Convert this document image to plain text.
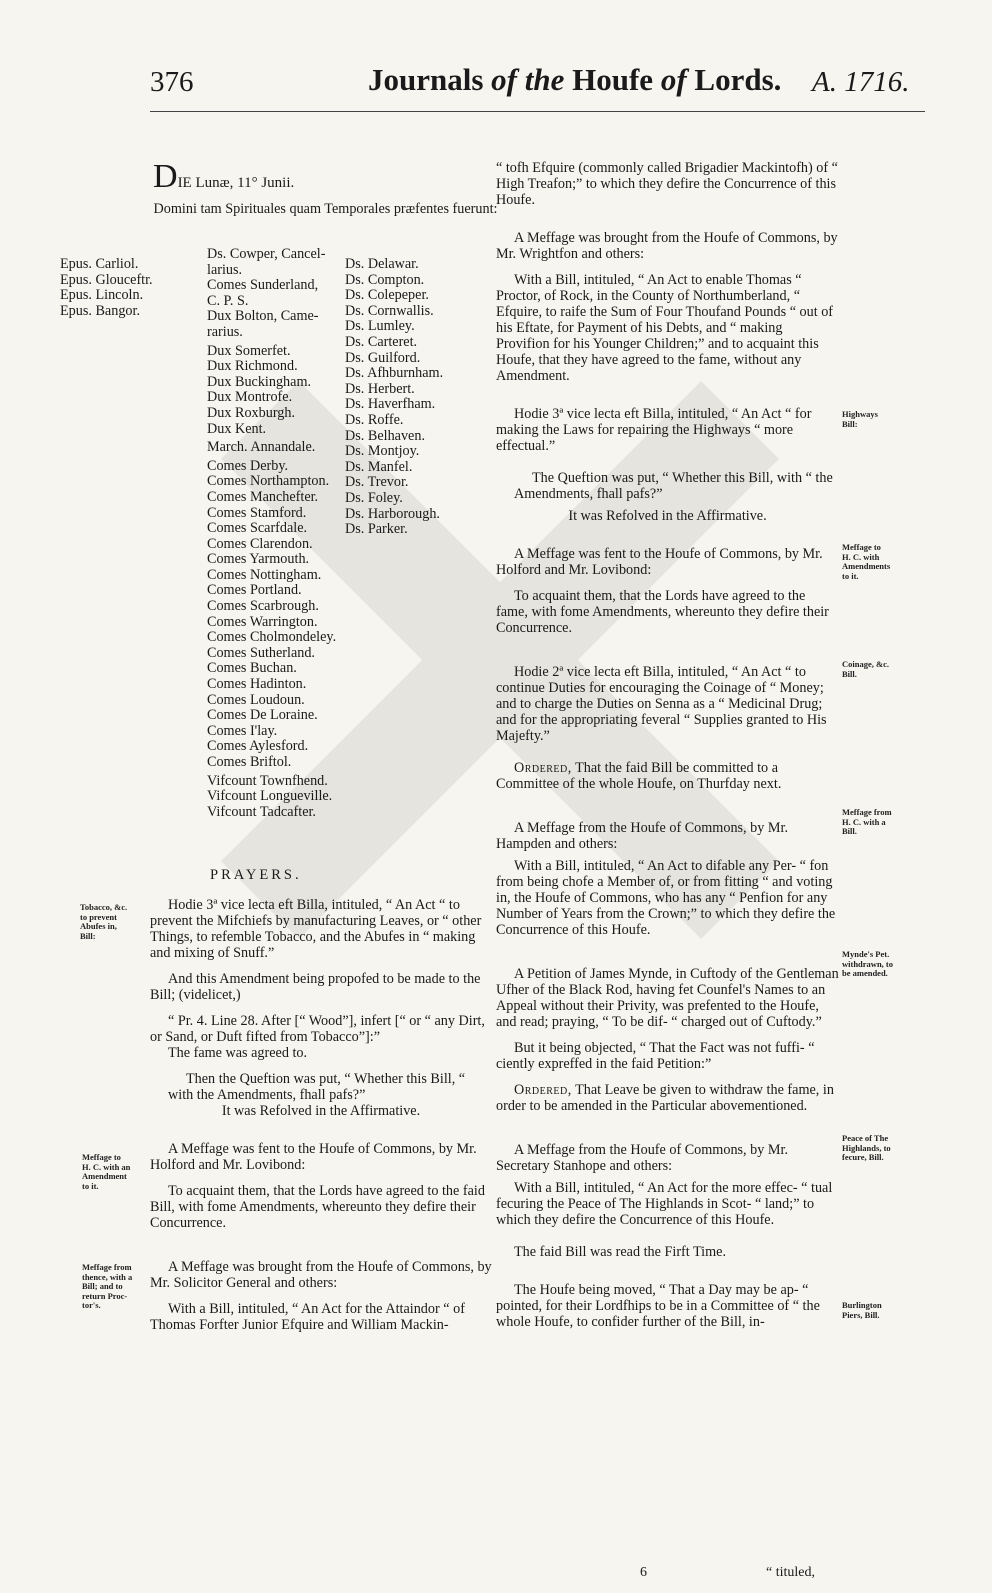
376	Journals of the Houfe of Lords. A. 1716.
DIE Lunæ, 11° Junii.
Domini tam Spirituales quam Temporales præfentes fuerunt:
Epus. Carliol.
Epus. Glouceftr.
Epus. Lincoln.
Epus. Bangor.
Ds. Cowper, Cancel-
larius.
Comes Sunderland,
C. P. S.
Dux Bolton, Came-
rarius.

Dux Somerfet.
Dux Richmond.
Dux Buckingham.
Dux Montrofe.
Dux Roxburgh.
Dux Kent.

March. Annandale.

Comes Derby.
Comes Northampton.
Comes Manchefter.
Comes Stamford.
Comes Scarfdale.
Comes Clarendon.
Comes Yarmouth.
Comes Nottingham.
Comes Portland.
Comes Scarbrough.
Comes Warrington.
Comes Cholmondeley.
Comes Sutherland.
Comes Buchan.
Comes Hadinton.
Comes Loudoun.
Comes De Loraine.
Comes I'lay.
Comes Aylesford.
Comes Briftol.

Vifcount Townfhend.
Vifcount Longueville.
Vifcount Tadcafter.
Ds. Delawar.
Ds. Compton.
Ds. Colepeper.
Ds. Cornwallis.
Ds. Lumley.
Ds. Carteret.
Ds. Guilford.
Ds. Afhburnham.
Ds. Herbert.
Ds. Haverfham.
Ds. Roffe.
Ds. Belhaven.
Ds. Montjoy.
Ds. Manfel.
Ds. Trevor.
Ds. Foley.
Ds. Harborough.
Ds. Parker.
PRAYERS.

Hodie 3ª vice lecta eft Billa, intituled, “ An Act “ to prevent the Mifchiefs by manufacturing Leaves, or “ other Things, to refemble Tobacco, and the Abufes in “ making and mixing of Snuff.”

And this Amendment being propofed to be made to the Bill; (videlicet,)

“ Pr. 4. Line 28. After [“ Wood”], infert [“ or “ any Dirt, or Sand, or Duft fifted from Tobacco”]:”

The fame was agreed to.

Then the Queftion was put, “ Whether this Bill, “ with the Amendments, fhall pafs?”

It was Refolved in the Affirmative.

A Meffage was fent to the Houfe of Commons, by Mr. Holford and Mr. Lovibond:

To acquaint them, that the Lords have agreed to the faid Bill, with fome Amendments, whereunto they defire their Concurrence.

A Meffage was brought from the Houfe of Commons, by Mr. Solicitor General and others:

With a Bill, intituled, “ An Act for the Attaindor “ of Thomas Forfter Junior Efquire and William Mackin-

Tobacco, &c.
to prevent
Abufes in,
Bill:
Meffage to
H. C. with an
Amendment
to it.
Meffage from
thence, with a
Bill; and to
return Proc-
tor's.

“ tofh Efquire (commonly called Brigadier Mackintofh) of “ High Treafon;” to which they defire the Concurrence of this Houfe.

A Meffage was brought from the Houfe of Commons, by Mr. Wrightfon and others:

With a Bill, intituled, “ An Act to enable Thomas “ Proctor, of Rock, in the County of Northumberland, “ Efquire, to raife the Sum of Four Thoufand Pounds “ out of his Eftate, for Payment of his Debts, and “ making Provifion for his Younger Children;” and to acquaint this Houfe, that they have agreed to the fame, without any Amendment.

Hodie 3ª vice lecta eft Billa, intituled, “ An Act “ for making the Laws for repairing the Highways “ more effectual.”

The Queftion was put, “ Whether this Bill, with “ the Amendments, fhall pafs?”

It was Refolved in the Affirmative.

A Meffage was fent to the Houfe of Commons, by Mr. Holford and Mr. Lovibond:

To acquaint them, that the Lords have agreed to the fame, with fome Amendments, whereunto they defire their Concurrence.

Hodie 2ª vice lecta eft Billa, intituled, “ An Act “ to continue Duties for encouraging the Coinage of “ Money; and to charge the Duties on Senna as a “ Medicinal Drug; and for the appropriating feveral “ Supplies granted to His Majefty.”

Ordered, That the faid Bill be committed to a Committee of the whole Houfe, on Thurfday next.

A Meffage from the Houfe of Commons, by Mr. Hampden and others:

With a Bill, intituled, “ An Act to difable any Per- “ fon from being chofe a Member of, or from fitting “ and voting in, the Houfe of Commons, who has any “ Penfion for any Number of Years from the Crown;” to which they defire the Concurrence of this Houfe.

A Petition of James Mynde, in Cuftody of the Gentleman Ufher of the Black Rod, having fet Counfel's Names to an Appeal without their Privity, was prefented to the Houfe, and read; praying, “ To be dif- “ charged out of Cuftody.”

But it being objected, “ That the Fact was not fuffi- “ ciently expreffed in the faid Petition:”

Ordered, That Leave be given to withdraw the fame, in order to be amended in the Particular abovementioned.

A Meffage from the Houfe of Commons, by Mr. Secretary Stanhope and others:

With a Bill, intituled, “ An Act for the more effec- “ tual fecuring the Peace of The Highlands in Scot- “ land;” to which they defire the Concurrence of this Houfe.

The faid Bill was read the Firft Time.

The Houfe being moved, “ That a Day may be ap- “ pointed, for their Lordfhips to be in a Committee of “ the whole Houfe, to confider further of the Bill, in-

Highways
Bill:
Meffage to
H. C. with
Amendments
to it.
Coinage, &c.
Bill.
Meffage from
H. C. with a
Bill.
Mynde's Pet.
withdrawn, to
be amended.
Peace of The
Highlands, to
fecure, Bill.
Burlington
Piers, Bill.
6	“ tituled,
